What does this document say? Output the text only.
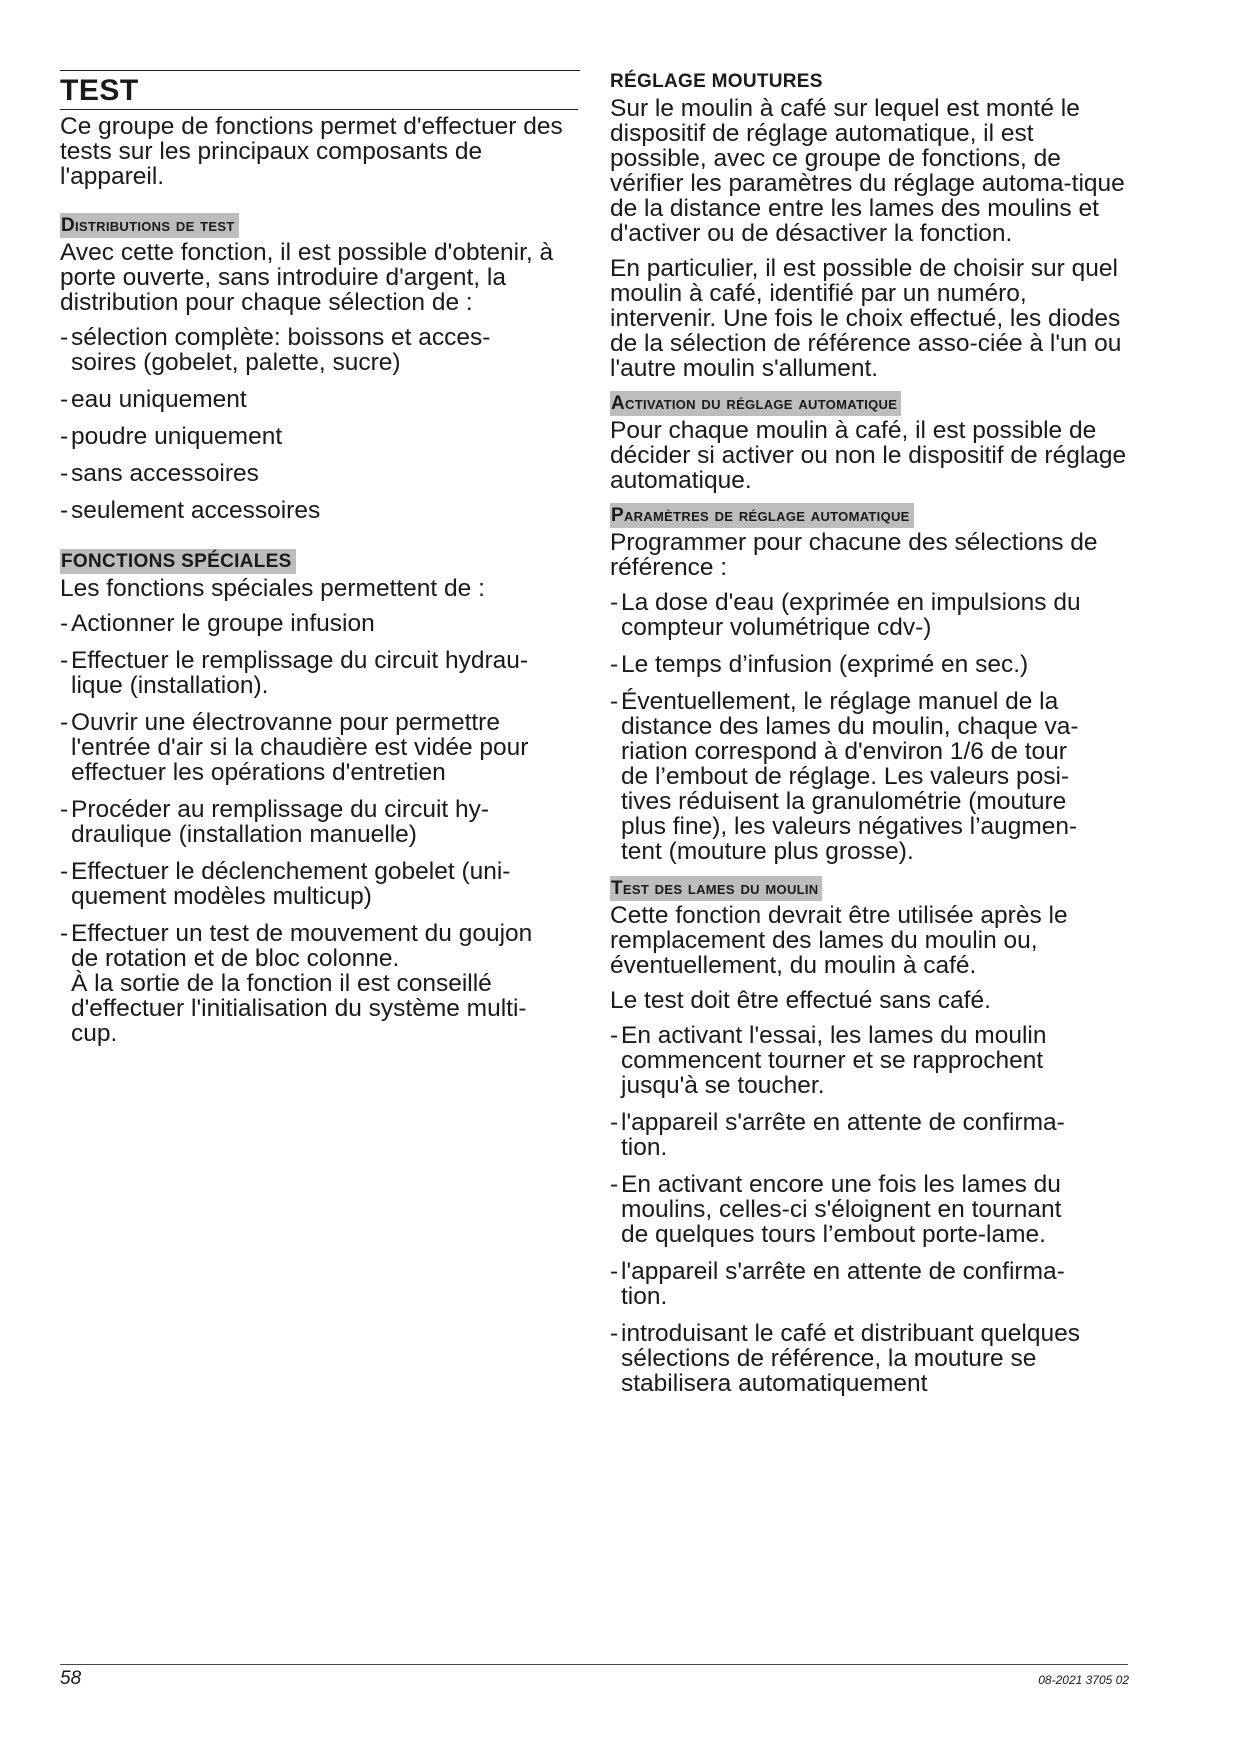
TEST

Ce groupe de fonctions permet d'effectuer des tests sur les principaux composants de l'appareil.

Distributions de test

Avec cette fonction, il est possible d'obtenir, à porte ouverte, sans introduire d'argent, la distribution pour chaque sélection de :

- sélection complète: boissons et acces-
soires (gobelet, palette, sucre)
- eau uniquement
- poudre uniquement
- sans accessoires
- seulement accessoires
FONCTIONS SPÉCIALES

Les fonctions spéciales permettent de :

- Actionner le groupe infusion
- Effectuer le remplissage du circuit hydrau-
lique (installation).
- Ouvrir une électrovanne pour permettre
l'entrée d'air si la chaudière est vidée pour
effectuer les opérations d'entretien
- Procéder au remplissage du circuit hy-
draulique (installation manuelle)
- Effectuer le déclenchement gobelet (uni-
quement modèles multicup)
- Effectuer un test de mouvement du goujon
de rotation et de bloc colonne.
À la sortie de la fonction il est conseillé
d'effectuer l'initialisation du système multi-
cup.
RÉGLAGE MOUTURES

Sur le moulin à café sur lequel est monté le dispositif de réglage automatique, il est possible, avec ce groupe de fonctions, de vérifier les paramètres du réglage automa-tique de la distance entre les lames des moulins et d'activer ou de désactiver la fonction.

En particulier, il est possible de choisir sur quel moulin à café, identifié par un numéro, intervenir. Une fois le choix effectué, les diodes de la sélection de référence asso-ciée à l'un ou l'autre moulin s'allument.

Activation du réglage automatique

Pour chaque moulin à café, il est possible de décider si activer ou non le dispositif de réglage automatique.

Paramètres de réglage automatique

Programmer pour chacune des sélections de référence :

- La dose d'eau (exprimée en impulsions du
compteur volumétrique cdv-)
- Le temps d’infusion (exprimé en sec.)
- Éventuellement, le réglage manuel de la
distance des lames du moulin, chaque va-
riation correspond à d'environ 1/6 de tour
de l’embout de réglage. Les valeurs posi-
tives réduisent la granulométrie (mouture
plus fine), les valeurs négatives l’augmen-
tent (mouture plus grosse).
Test des lames du moulin

Cette fonction devrait être utilisée après le remplacement des lames du moulin ou, éventuellement, du moulin à café.

Le test doit être effectué sans café.

- En activant l'essai, les lames du moulin
commencent tourner et se rapprochent
jusqu'à se toucher.
- l'appareil s'arrête en attente de confirma-
tion.
- En activant encore une fois les lames du
moulins, celles-ci s'éloignent en tournant
de quelques tours l’embout porte-lame.
- l'appareil s'arrête en attente de confirma-
tion.
- introduisant le café et distribuant quelques
sélections de référence, la mouture se
stabilisera automatiquement
58	08-2021 3705 02
